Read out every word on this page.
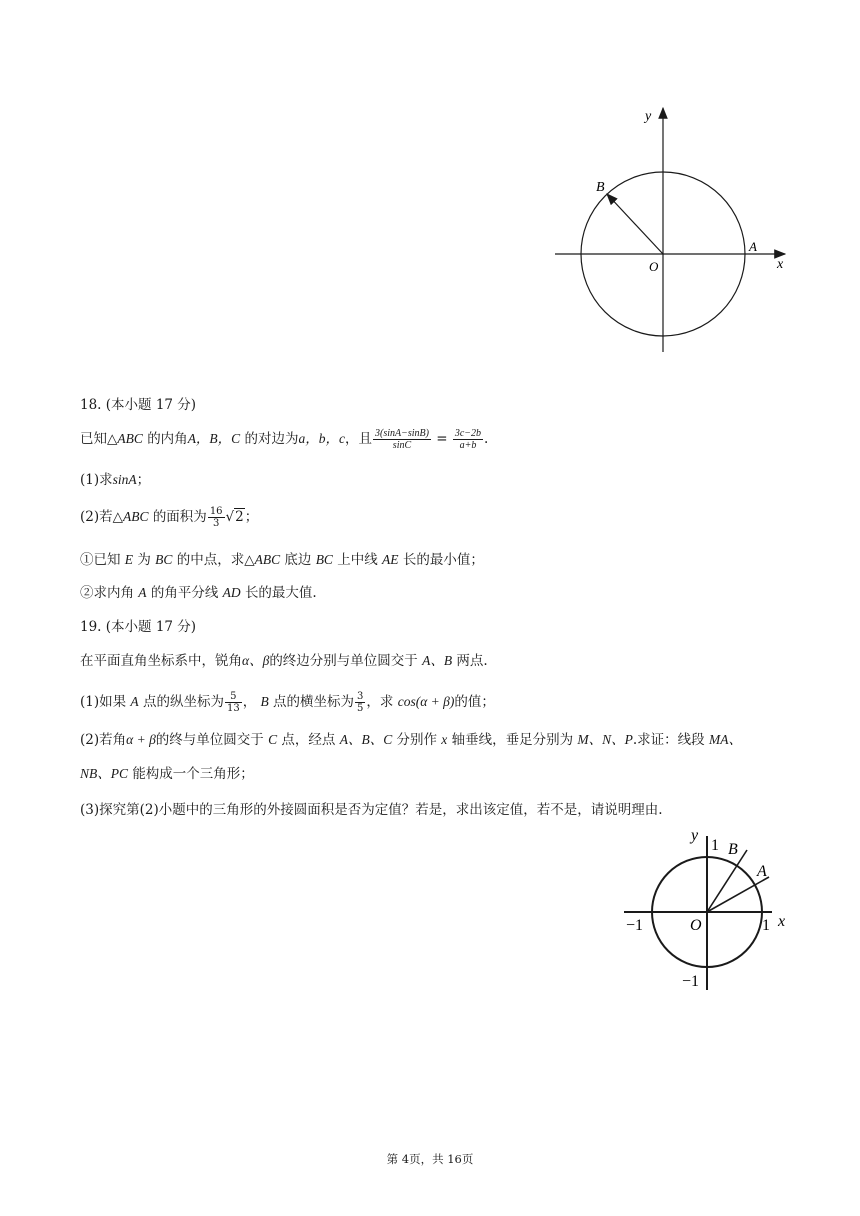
y
x
B
A
O
18. (本小题 17 分)
已知△ABC 的内角A，B，C 的对边为a，b，c，且 $\frac{3(\sin A-\sin B)}{\sin C} = \frac{3c-2b}{a+b}$ .
(1)求sinA；
(2)若△ABC 的面积为 $\frac{16}{3} √2$；
①已知 E 为 BC 的中点，求△ABC 底边 BC 上中线 AE 长的最小值；
②求内角 A 的角平分线 AD 长的最大值.
19. (本小题 17 分)
在平面直角坐标系中，锐角α、β的终边分别与单位圆交于 A、B 两点.
(1)如果 A 点的纵坐标为 $\frac{5}{13}$ ， B 点的横坐标为 $\frac{3}{5}$ ，求 cos(α + β)的值；
(2)若角α + β的终与单位圆交于 C 点，经点 A、B、C 分别作 x 轴垂线，垂足分别为 M、N、P.求证：线段 MA、
NB、PC 能构成一个三角形；
(3)探究第(2)小题中的三角形的外接圆面积是否为定值？若是，求出该定值，若不是，请说明理由.
y
1 B
A
−1	O	1 x
−1
第 4页，共 16页
